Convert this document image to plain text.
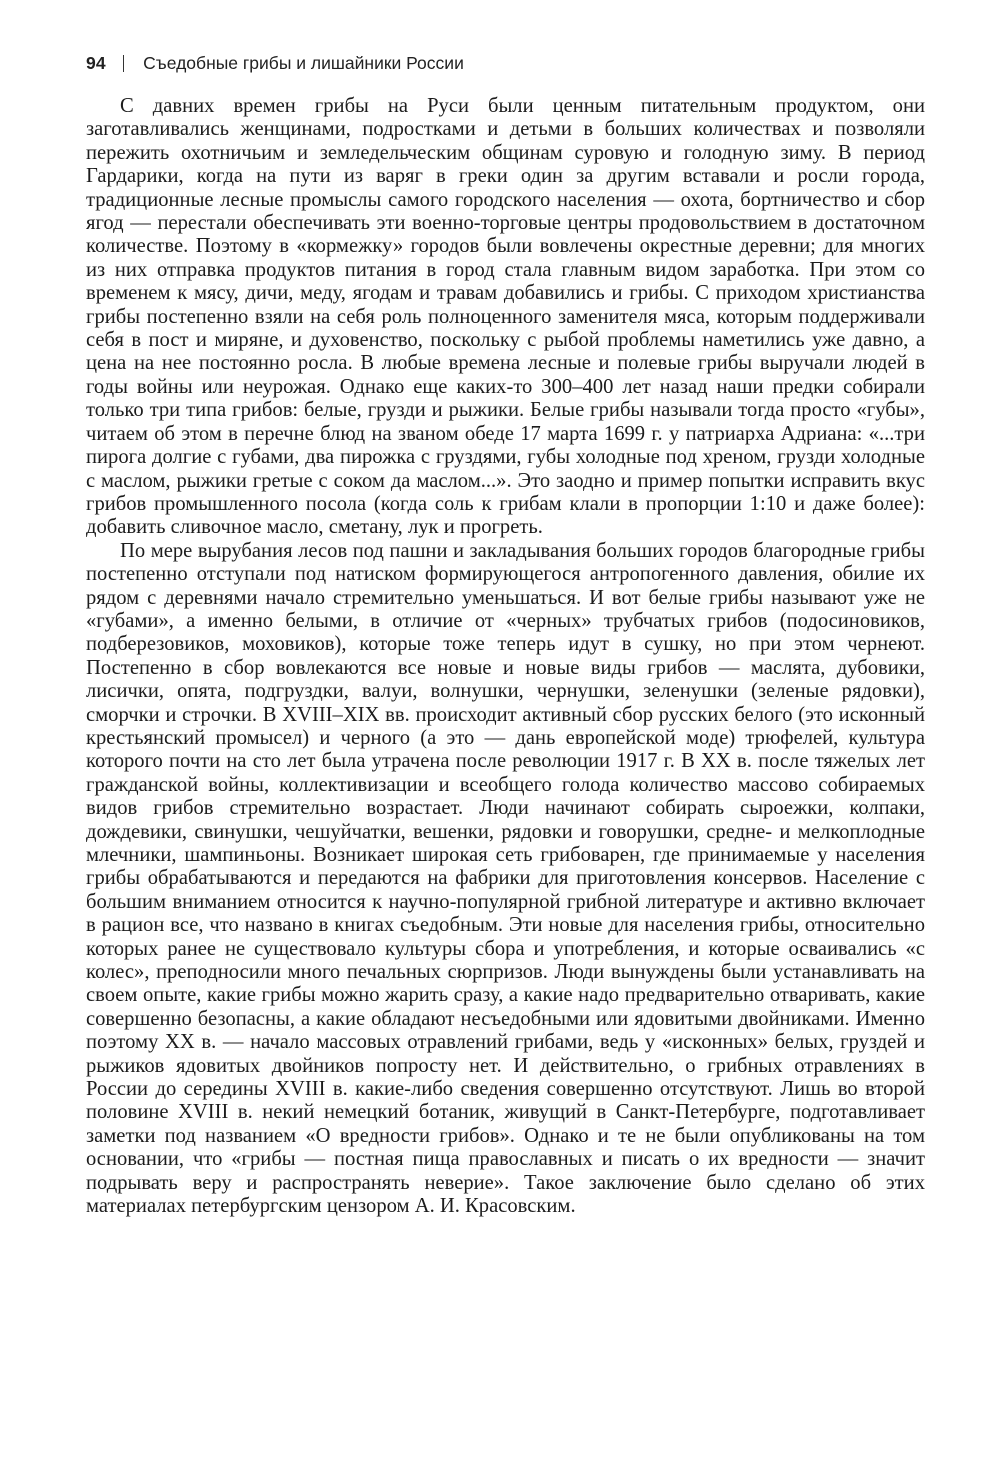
94 Съедобные грибы и лишайники России

С давних времен грибы на Руси были ценным питательным продуктом, они заготавливались женщинами, подростками и детьми в больших количествах и позволяли пережить охотничьим и земледельческим общинам суровую и голодную зиму. В период Гардарики, когда на пути из варяг в греки один за другим вставали и росли города, традиционные лесные промыслы самого городского населения — охота, бортничество и сбор ягод — перестали обеспечивать эти военно-торговые центры продовольствием в достаточном количестве. Поэтому в «кормежку» городов были вовлечены окрестные деревни; для многих из них отправка продуктов питания в город стала главным видом заработка. При этом со временем к мясу, дичи, меду, ягодам и травам добавились и грибы. С приходом христианства грибы постепенно взяли на себя роль полноценного заменителя мяса, которым поддерживали себя в пост и миряне, и духовенство, поскольку с рыбой проблемы наметились уже давно, а цена на нее постоянно росла. В любые времена лесные и полевые грибы выручали людей в годы войны или неурожая. Однако еще каких-то 300–400 лет назад наши предки собирали только три типа грибов: белые, грузди и рыжики. Белые грибы называли тогда просто «губы», читаем об этом в перечне блюд на званом обеде 17 марта 1699 г. у патриарха Адриана: «...три пирога долгие с губами, два пирожка с груздями, губы холодные под хреном, грузди холодные с маслом, рыжики гретые с соком да маслом...». Это заодно и пример попытки исправить вкус грибов промышленного посола (когда соль к грибам клали в пропорции 1:10 и даже более): добавить сливочное масло, сметану, лук и прогреть.

По мере вырубания лесов под пашни и закладывания больших городов благородные грибы постепенно отступали под натиском формирующегося антропогенного давления, обилие их рядом с деревнями начало стремительно уменьшаться. И вот белые грибы называют уже не «губами», а именно белыми, в отличие от «черных» трубчатых грибов (подосиновиков, подберезовиков, моховиков), которые тоже теперь идут в сушку, но при этом чернеют. Постепенно в сбор вовлекаются все новые и новые виды грибов — маслята, дубовики, лисички, опята, подгруздки, валуи, волнушки, чернушки, зеленушки (зеленые рядовки), сморчки и строчки. В XVIII–XIX вв. происходит активный сбор русских белого (это исконный крестьянский промысел) и черного (а это — дань европейской моде) трюфелей, культура которого почти на сто лет была утрачена после революции 1917 г. В XX в. после тяжелых лет гражданской войны, коллективизации и всеобщего голода количество массово собираемых видов грибов стремительно возрастает. Люди начинают собирать сыроежки, колпаки, дождевики, свинушки, чешуйчатки, вешенки, рядовки и говорушки, средне- и мелкоплодные млечники, шампиньоны. Возникает широкая сеть грибоварен, где принимаемые у населения грибы обрабатываются и передаются на фабрики для приготовления консервов. Население с большим вниманием относится к научно-популярной грибной литературе и активно включает в рацион все, что названо в книгах съедобным. Эти новые для населения грибы, относительно которых ранее не существовало культуры сбора и употребления, и которые осваивались «с колес», преподносили много печальных сюрпризов. Люди вынуждены были устанавливать на своем опыте, какие грибы можно жарить сразу, а какие надо предварительно отваривать, какие совершенно безопасны, а какие обладают несъедобными или ядовитыми двойниками. Именно поэтому XX в. — начало массовых отравлений грибами, ведь у «исконных» белых, груздей и рыжиков ядовитых двойников попросту нет. И действительно, о грибных отравлениях в России до середины XVIII в. какие-либо сведения совершенно отсутствуют. Лишь во второй половине XVIII в. некий немецкий ботаник, живущий в Санкт-Петербурге, подготавливает заметки под названием «О вредности грибов». Однако и те не были опубликованы на том основании, что «грибы — постная пища православных и писать о их вредности — значит подрывать веру и распространять неверие». Такое заключение было сделано об этих материалах петербургским цензором А. И. Красовским.
